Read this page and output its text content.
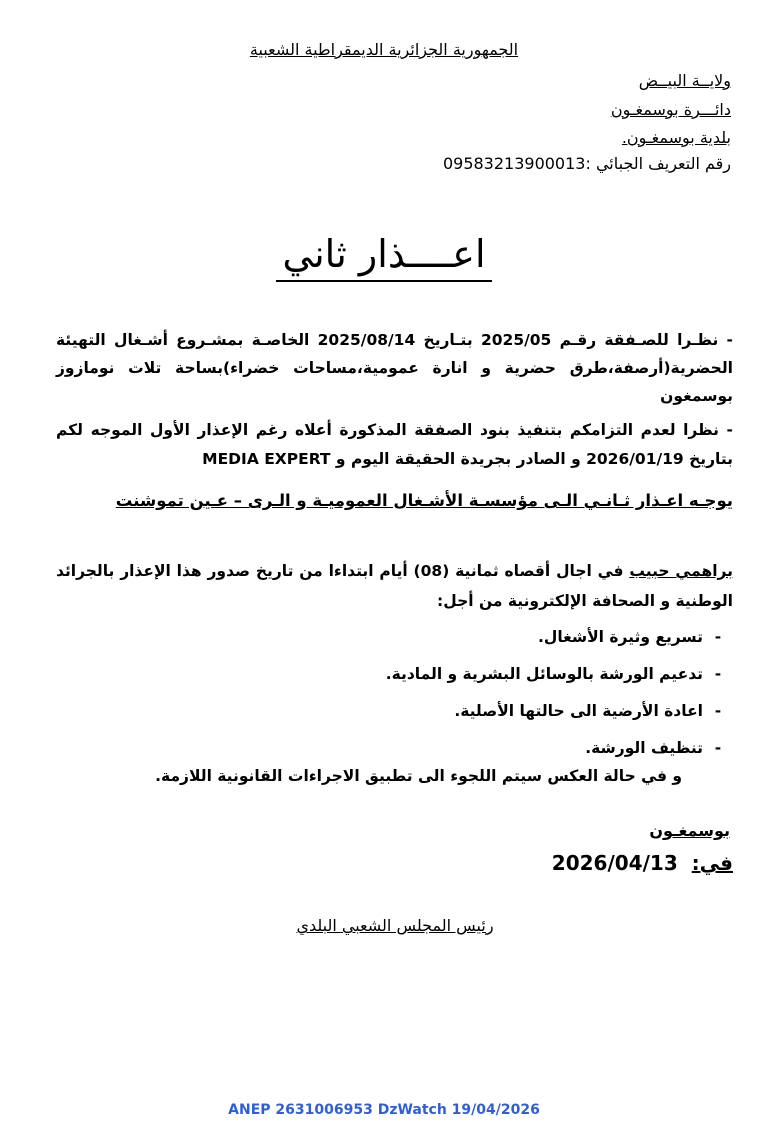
الجمهورية الجزائرية الديمقراطية الشعبية
ولايــة البيــض
دائـــرة بوسمغـون
بلدية بوسمغـون.
رقم التعريف الجبائي :09583213900013
اعــــذار ثاني
- نظـرا للصـفقة رقـم 2025/05 بتـاريخ 2025/08/14 الخاصـة بمشـروع أشـغال التهيئة الحضرية(أرصفة،طرق حضرية و انارة عمومية،مساحات خضراء)بساحة تلات نومازوز بوسمغون
- نظرا لعدم التزامكم بتنفيذ بنود الصفقة المذكورة أعلاه رغم الإعذار الأول الموجه لكم بتاريخ 2026/01/19 و الصادر بجريدة الحقيقة اليوم و MEDIA EXPERT
يوجـه اعـذار ثـانـي الـى مؤسسـة الأشـغال العموميـة و الـرى – عـين تموشنت
براهمي حبيب في اجال أقصاه ثمانية (08) أيام ابتداءا من تاريخ صدور هذا الإعذار بالجرائد الوطنية و الصحافة الإلكترونية من أجل:
-
تسريع وثيرة الأشغال.
-
تدعيم الورشة بالوسائل البشرية و المادية.
-
اعادة الأرضية الى حالتها الأصلية.
-
تنظيف الورشة.
و في حالة العكس سيتم اللجوء الى تطبيق الاجراءات القانونية اللازمة.
بوسمغـون
في:  2026/04/13
رئيس المجلس الشعبي البلدي
ANEP 2631006953 DzWatch 19/04/2026
